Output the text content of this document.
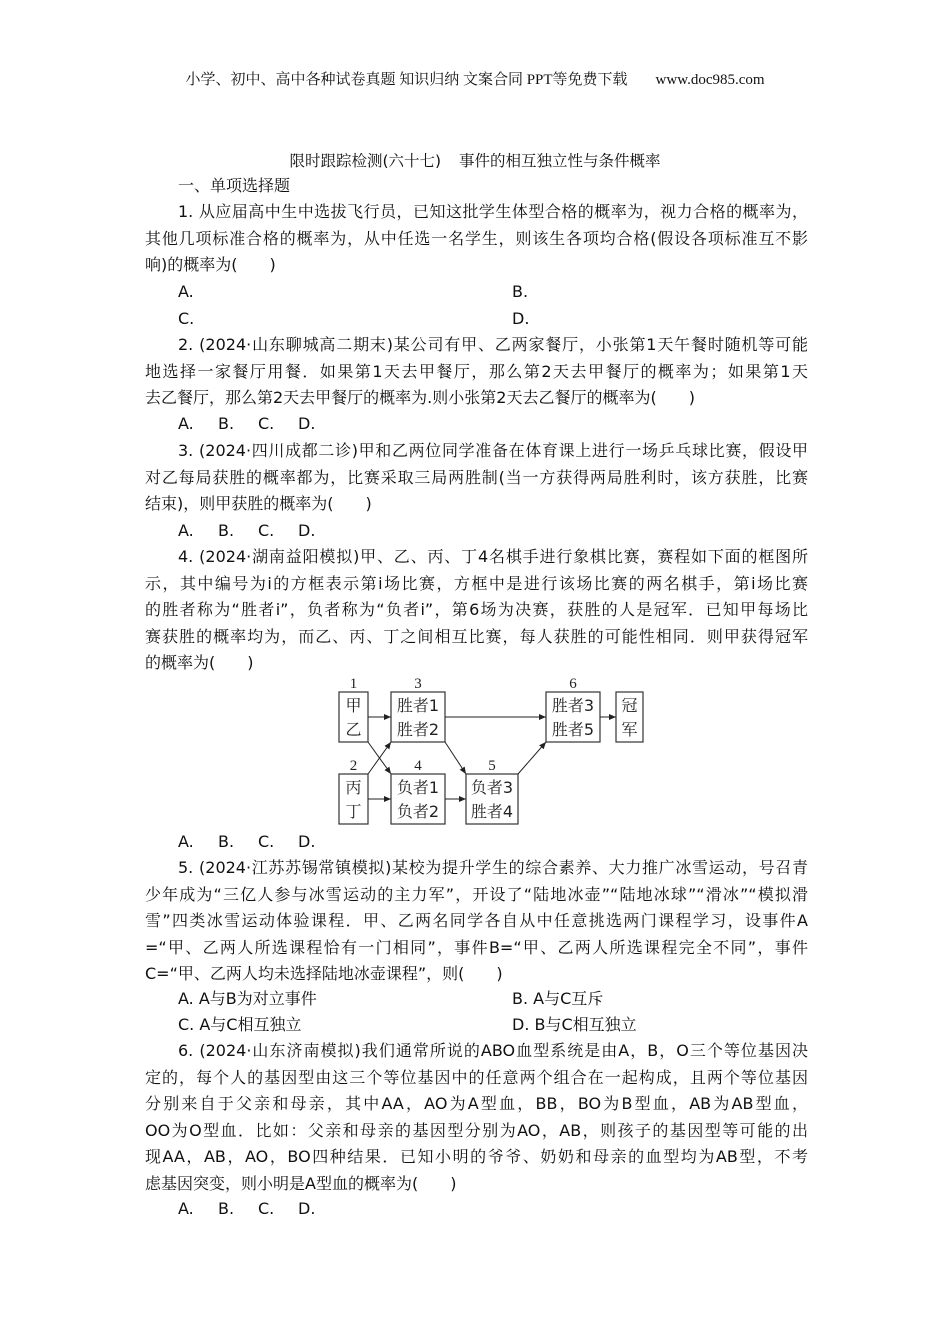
小学、初中、高中各种试卷真题 知识归纳 文案合同 PPT等免费下载 www.doc985.com
限时跟踪检测(六十七) 事件的相互独立性与条件概率
一、单项选择题
1. 从应届高中生中选拔飞行员，已知这批学生体型合格的概率为，视力合格的概率为，
其他几项标准合格的概率为，从中任选一名学生，则该生各项均合格(假设各项标准互不影
响)的概率为(　　)
A.	B.
C.	D.
2. (2024·山东聊城高二期末)某公司有甲、乙两家餐厅，小张第1天午餐时随机等可能
地选择一家餐厅用餐．如果第1天去甲餐厅，那么第2天去甲餐厅的概率为；如果第1天
去乙餐厅，那么第2天去甲餐厅的概率为.则小张第2天去乙餐厅的概率为(　　)
A. B. C. D.
3. (2024·四川成都二诊)甲和乙两位同学准备在体育课上进行一场乒乓球比赛，假设甲
对乙每局获胜的概率都为，比赛采取三局两胜制(当一方获得两局胜利时，该方获胜，比赛
结束)，则甲获胜的概率为(　　)
A. B. C. D.
4. (2024·湖南益阳模拟)甲、乙、丙、丁4名棋手进行象棋比赛，赛程如下面的框图所
示，其中编号为i的方框表示第i场比赛，方框中是进行该场比赛的两名棋手，第i场比赛
的胜者称为“胜者i”，负者称为“负者i”，第6场为决赛，获胜的人是冠军．已知甲每场比
赛获胜的概率均为，而乙、丙、丁之间相互比赛，每人获胜的可能性相同．则甲获得冠军
的概率为(　　)
A. B. C. D.
5. (2024·江苏苏锡常镇模拟)某校为提升学生的综合素养、大力推广冰雪运动，号召青
少年成为“三亿人参与冰雪运动的主力军”，开设了“陆地冰壶”“陆地冰球”“滑冰”“模拟滑
雪”四类冰雪运动体验课程．甲、乙两名同学各自从中任意挑选两门课程学习，设事件A
=“甲、乙两人所选课程恰有一门相同”，事件B=“甲、乙两人所选课程完全不同”，事件
C=“甲、乙两人均未选择陆地冰壶课程”，则(　　)
A. A与B为对立事件	B. A与C互斥
C. A与C相互独立	D. B与C相互独立
6. (2024·山东济南模拟)我们通常所说的ABO血型系统是由A，B，O三个等位基因决
定的，每个人的基因型由这三个等位基因中的任意两个组合在一起构成，且两个等位基因
分别来自于父亲和母亲，其中AA，AO为A型血，BB，BO为B型血，AB为AB型血，
OO为O型血．比如：父亲和母亲的基因型分别为AO，AB，则孩子的基因型等可能的出
现AA，AB，AO，BO四种结果．已知小明的爷爷、奶奶和母亲的血型均为AB型，不考
虑基因突变，则小明是A型血的概率为(　　)
A. B. C. D.
甲
乙
1
胜者1
胜者2
3
胜者3
胜者5
6
冠
军
丙
丁
2
负者1
负者2
4
负者3
胜者4
5
